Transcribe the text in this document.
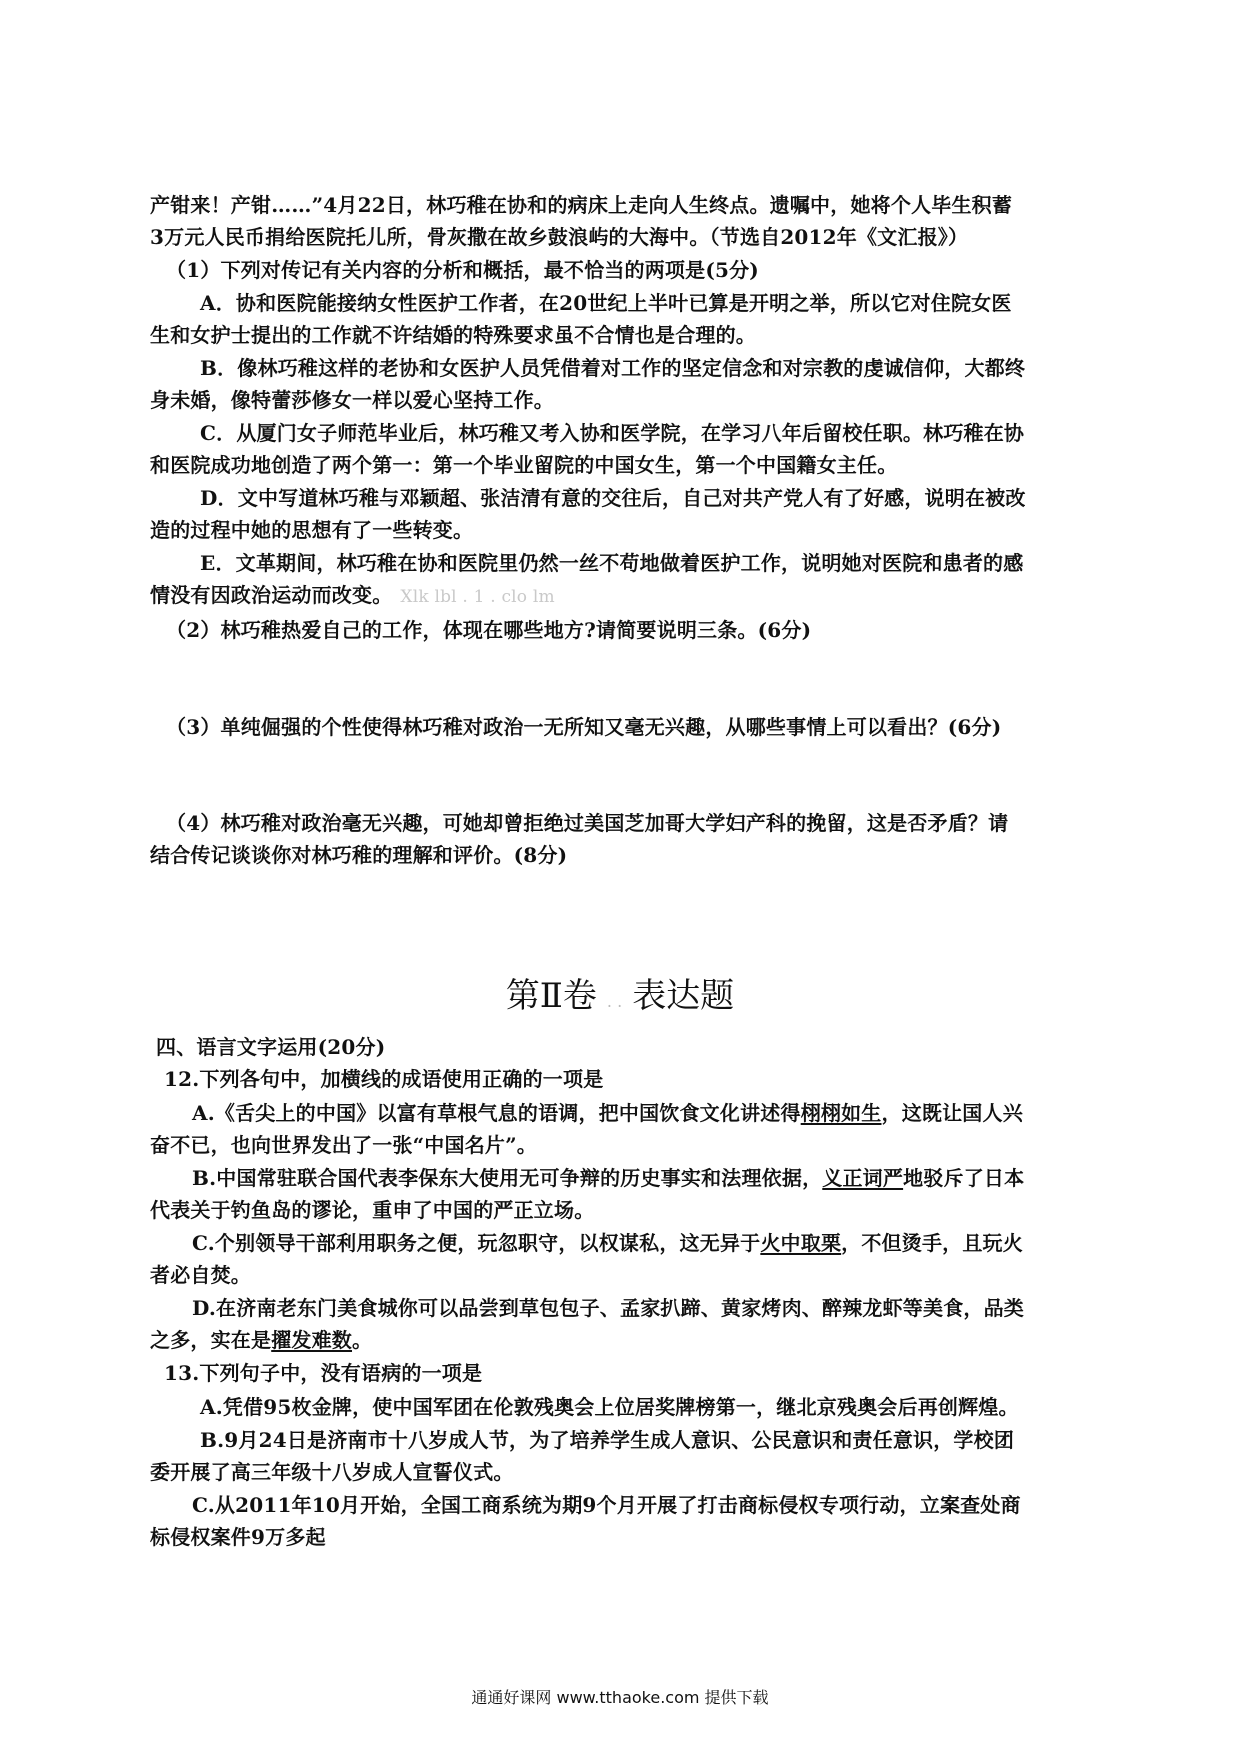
产钳来！产钳……”4月22日，林巧稚在协和的病床上走向人生终点。遗嘱中，她将个人毕生积蓄
3万元人民币捐给医院托儿所，骨灰撒在故乡鼓浪屿的大海中。（节选自2012年《文汇报》）
（1）下列对传记有关内容的分析和概括，最不恰当的两项是(5分)
A．协和医院能接纳女性医护工作者，在20世纪上半叶已算是开明之举，所以它对住院女医
生和女护士提出的工作就不许结婚的特殊要求虽不合情也是合理的。
B．像林巧稚这样的老协和女医护人员凭借着对工作的坚定信念和对宗教的虔诚信仰，大都终
身未婚，像特蕾莎修女一样以爱心坚持工作。
C．从厦门女子师范毕业后，林巧稚又考入协和医学院，在学习八年后留校任职。林巧稚在协
和医院成功地创造了两个第一：第一个毕业留院的中国女生，第一个中国籍女主任。
D．文中写道林巧稚与邓颖超、张洁清有意的交往后，自己对共产党人有了好感，说明在被改
造的过程中她的思想有了一些转变。
E．文革期间，林巧稚在协和医院里仍然一丝不苟地做着医护工作，说明她对医院和患者的感
情没有因政治运动而改变。 Xlk lbl . 1 . clo lm
（2）林巧稚热爱自己的工作，体现在哪些地方?请简要说明三条。(6分)
（3）单纯倔强的个性使得林巧稚对政治一无所知又毫无兴趣，从哪些事情上可以看出？(6分)
（4）林巧稚对政治毫无兴趣，可她却曾拒绝过美国芝加哥大学妇产科的挽留，这是否矛盾？请
结合传记谈谈你对林巧稚的理解和评价。(8分)
第Ⅱ卷 . . 表达题
四、语言文字运用(20分)
12.下列各句中，加横线的成语使用正确的一项是
A.《舌尖上的中国》以富有草根气息的语调，把中国饮食文化讲述得栩栩如生，这既让国人兴
奋不已，也向世界发出了一张“中国名片”。
B.中国常驻联合国代表李保东大使用无可争辩的历史事实和法理依据，义正词严地驳斥了日本
代表关于钓鱼岛的谬论，重申了中国的严正立场。
C.个别领导干部利用职务之便，玩忽职守，以权谋私，这无异于火中取栗，不但烫手，且玩火
者必自焚。
D.在济南老东门美食城你可以品尝到草包包子、孟家扒蹄、黄家烤肉、醉辣龙虾等美食，品类
之多，实在是擢发难数。
13.下列句子中，没有语病的一项是
A.凭借95枚金牌，使中国军团在伦敦残奥会上位居奖牌榜第一，继北京残奥会后再创辉煌。
B.9月24日是济南市十八岁成人节，为了培养学生成人意识、公民意识和责任意识，学校团
委开展了高三年级十八岁成人宣誓仪式。
C.从2011年10月开始，全国工商系统为期9个月开展了打击商标侵权专项行动，立案查处商
标侵权案件9万多起
通通好课网 www.tthaoke.com 提供下载
